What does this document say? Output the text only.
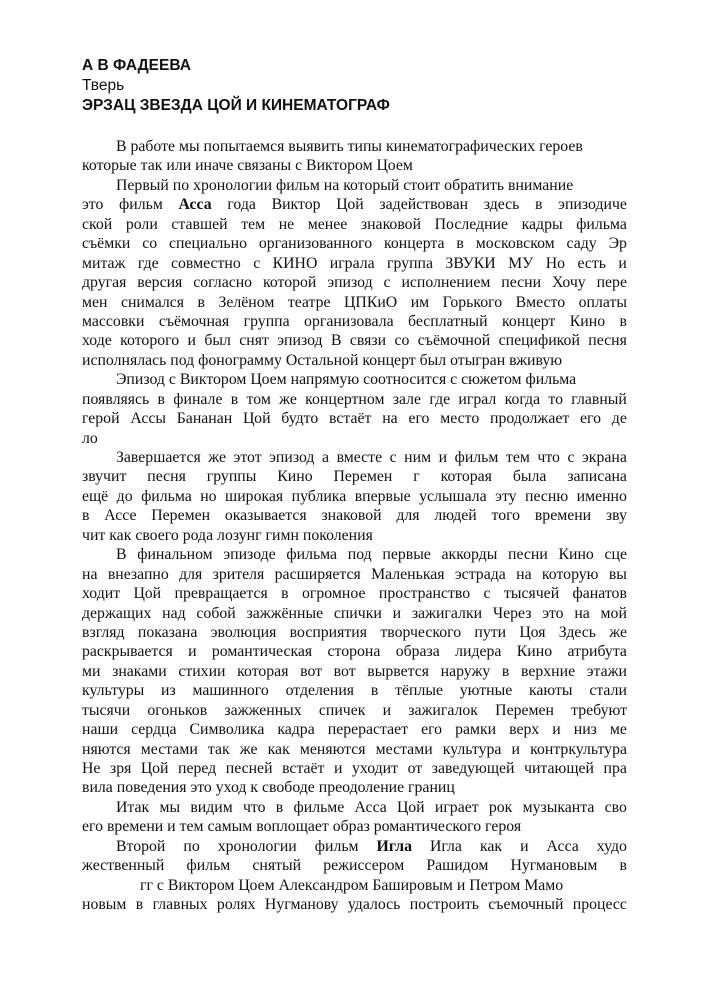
А В ФАДЕЕВА
Тверь
ЭРЗАЦ ЗВЕЗДА ЦОЙ И КИНЕМАТОГРАФ
В работе мы попытаемся выявить типы кинематографических героев
которые так или иначе связаны с Виктором Цоем
Первый по хронологии фильм на который стоит обратить внимание
это фильм Асса года Виктор Цой задействован здесь в эпизодиче
ской роли ставшей тем не менее знаковой Последние кадры фильма
съёмки со специально организованного концерта в московском саду Эр
митаж где совместно с КИНО играла группа ЗВУКИ МУ Но есть и
другая версия согласно которой эпизод с исполнением песни Хочу пере
мен снимался в Зелёном театре ЦПКиО им Горького Вместо оплаты
массовки съёмочная группа организовала бесплатный концерт Кино в
ходе которого и был снят эпизод В связи со съёмочной спецификой песня
исполнялась под фонограмму Остальной концерт был отыгран вживую
Эпизод с Виктором Цоем напрямую соотносится с сюжетом фильма
появляясь в финале в том же концертном зале где играл когда то главный
герой Ассы Бананан Цой будто встаёт на его место продолжает его де
ло
Завершается же этот эпизод а вместе с ним и фильм тем что с экрана
звучит песня группы Кино Перемен г которая была записана
ещё до фильма но широкая публика впервые услышала эту песню именно
в Ассе Перемен оказывается знаковой для людей того времени зву
чит как своего рода лозунг гимн поколения
В финальном эпизоде фильма под первые аккорды песни Кино сце
на внезапно для зрителя расширяется Маленькая эстрада на которую вы
ходит Цой превращается в огромное пространство с тысячей фанатов
держащих над собой зажжённые спички и зажигалки Через это на мой
взгляд показана эволюция восприятия творческого пути Цоя Здесь же
раскрывается и романтическая сторона образа лидера Кино атрибута
ми знаками стихии которая вот вот вырвется наружу в верхние этажи
культуры из машинного отделения в тёплые уютные каюты стали
тысячи огоньков зажженных спичек и зажигалок Перемен требуют
наши сердца Символика кадра перерастает его рамки верх и низ ме
няются местами так же как меняются местами культура и контркультура
Не зря Цой перед песней встаёт и уходит от заведующей читающей пра
вила поведения это уход к свободе преодоление границ
Итак мы видим что в фильме Асса Цой играет рок музыканта сво
его времени и тем самым воплощает образ романтического героя
Второй по хронологии фильм Игла Игла как и Асса худо
жественный фильм снятый режиссером Рашидом Нугмановым в
гг с Виктором Цоем Александром Башировым и Петром Мамо
новым в главных ролях Нугманову удалось построить съемочный процесс
